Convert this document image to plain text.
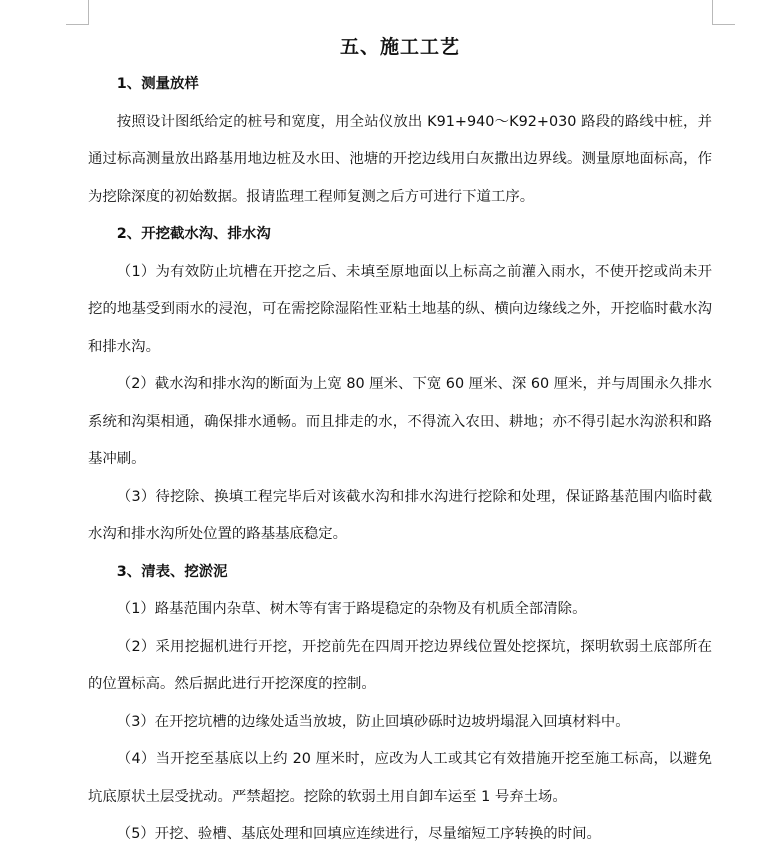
五、施工工艺

1、测量放样

按照设计图纸给定的桩号和宽度，用全站仪放出 K91+940～K92+030 路段的路线中桩，并通过标高测量放出路基用地边桩及水田、池塘的开挖边线用白灰撒出边界线。测量原地面标高，作为挖除深度的初始数据。报请监理工程师复测之后方可进行下道工序。

2、开挖截水沟、排水沟

（1）为有效防止坑槽在开挖之后、未填至原地面以上标高之前灌入雨水，不使开挖或尚未开挖的地基受到雨水的浸泡，可在需挖除湿陷性亚粘土地基的纵、横向边缘线之外，开挖临时截水沟和排水沟。

（2）截水沟和排水沟的断面为上宽 80 厘米、下宽 60 厘米、深 60 厘米，并与周围永久排水系统和沟渠相通，确保排水通畅。而且排走的水，不得流入农田、耕地；亦不得引起水沟淤积和路基冲刷。

（3）待挖除、换填工程完毕后对该截水沟和排水沟进行挖除和处理，保证路基范围内临时截水沟和排水沟所处位置的路基基底稳定。

3、清表、挖淤泥

（1）路基范围内杂草、树木等有害于路堤稳定的杂物及有机质全部清除。

（2）采用挖掘机进行开挖，开挖前先在四周开挖边界线位置处挖探坑，探明软弱土底部所在的位置标高。然后据此进行开挖深度的控制。

（3）在开挖坑槽的边缘处适当放坡，防止回填砂砾时边坡坍塌混入回填材料中。

（4）当开挖至基底以上约 20 厘米时，应改为人工或其它有效措施开挖至施工标高，以避免坑底原状土层受扰动。严禁超挖。挖除的软弱土用自卸车运至 1 号弃土场。

（5）开挖、验槽、基底处理和回填应连续进行，尽量缩短工序转换的时间。
